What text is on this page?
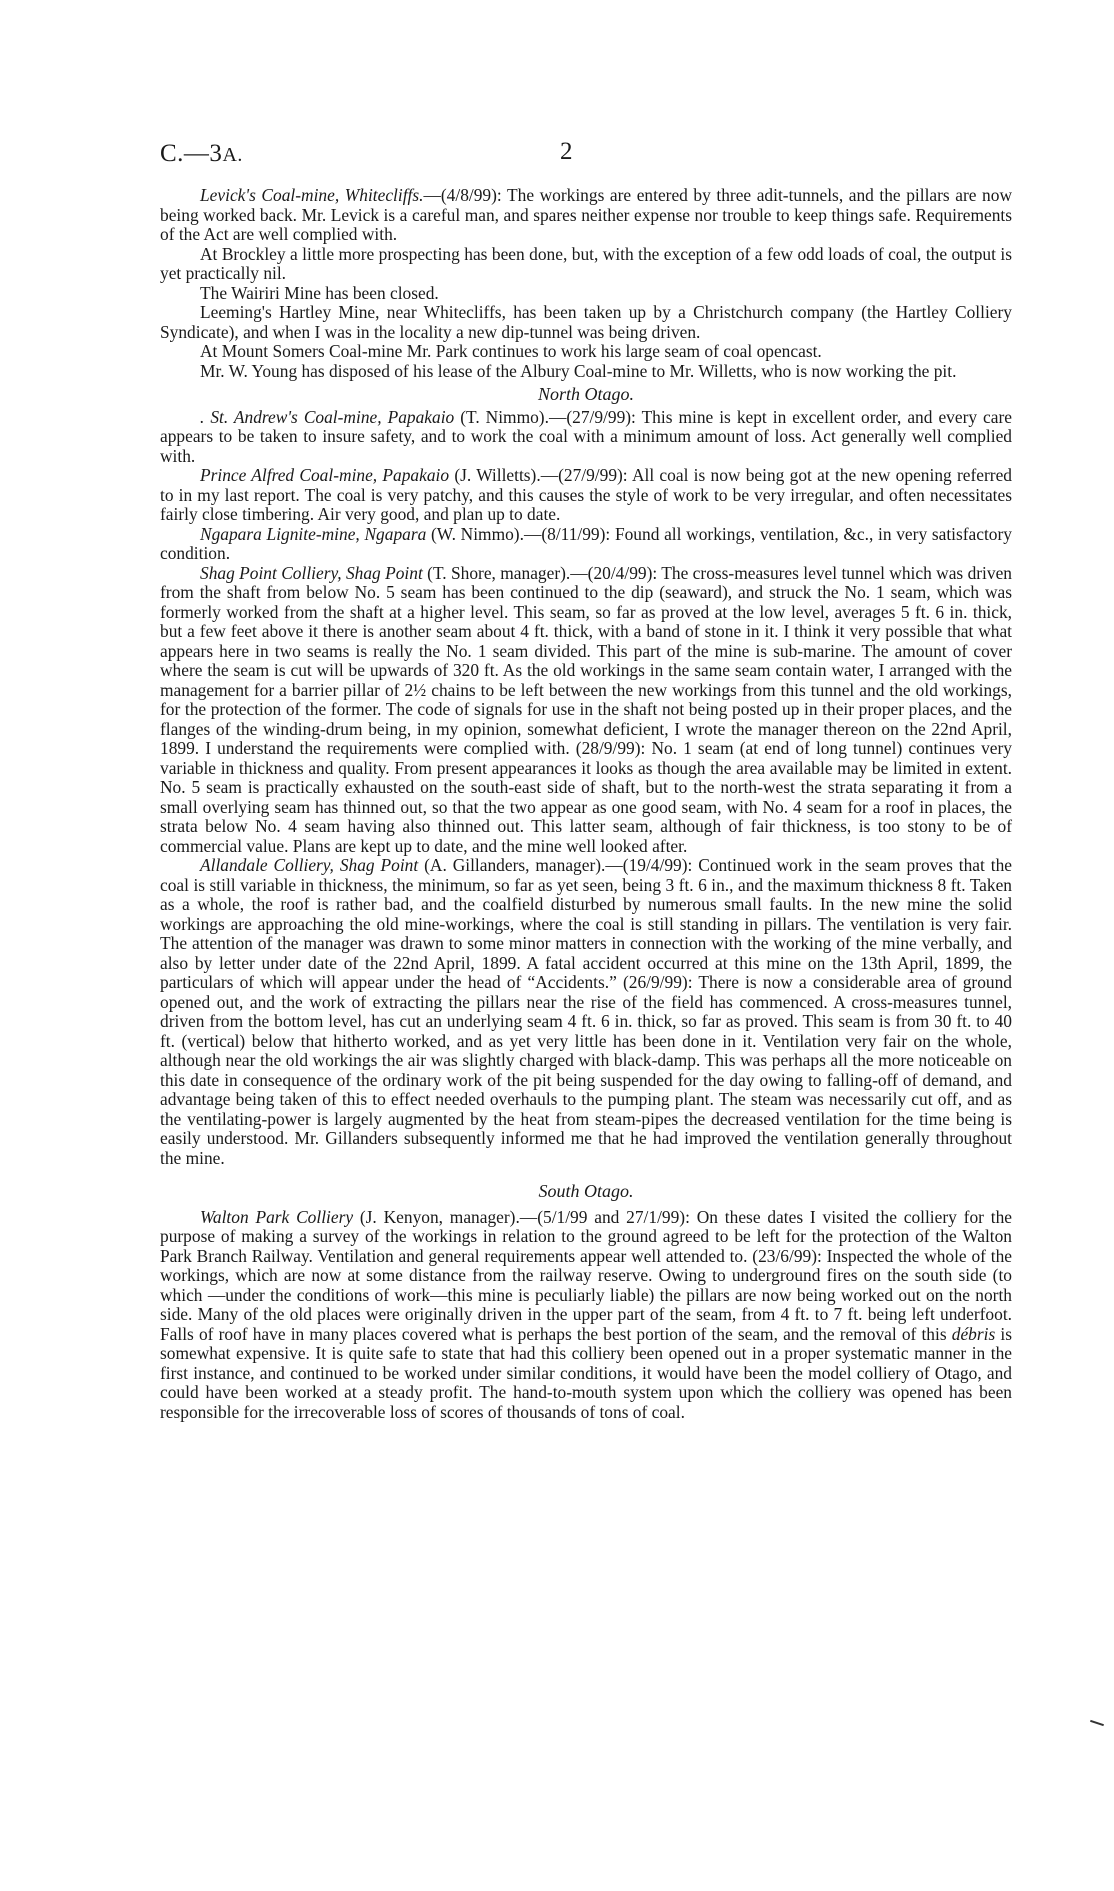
C.—3A.	2

Levick's Coal-mine, Whitecliffs.—(4/8/99): The workings are entered by three adit-tunnels, and the pillars are now being worked back. Mr. Levick is a careful man, and spares neither expense nor trouble to keep things safe. Requirements of the Act are well complied with.

At Brockley a little more prospecting has been done, but, with the exception of a few odd loads of coal, the output is yet practically nil.

The Wairiri Mine has been closed.

Leeming's Hartley Mine, near Whitecliffs, has been taken up by a Christchurch company (the Hartley Colliery Syndicate), and when I was in the locality a new dip-tunnel was being driven.

At Mount Somers Coal-mine Mr. Park continues to work his large seam of coal opencast.

Mr. W. Young has disposed of his lease of the Albury Coal-mine to Mr. Willetts, who is now working the pit.

North Otago.

. St. Andrew's Coal-mine, Papakaio (T. Nimmo).—(27/9/99): This mine is kept in excellent order, and every care appears to be taken to insure safety, and to work the coal with a minimum amount of loss. Act generally well complied with.

Prince Alfred Coal-mine, Papakaio (J. Willetts).—(27/9/99): All coal is now being got at the new opening referred to in my last report. The coal is very patchy, and this causes the style of work to be very irregular, and often necessitates fairly close timbering. Air very good, and plan up to date.

Ngapara Lignite-mine, Ngapara (W. Nimmo).—(8/11/99): Found all workings, ventilation, &c., in very satisfactory condition.

Shag Point Colliery, Shag Point (T. Shore, manager).—(20/4/99): The cross-measures level tunnel which was driven from the shaft from below No. 5 seam has been continued to the dip (seaward), and struck the No. 1 seam, which was formerly worked from the shaft at a higher level. This seam, so far as proved at the low level, averages 5 ft. 6 in. thick, but a few feet above it there is another seam about 4 ft. thick, with a band of stone in it. I think it very possible that what appears here in two seams is really the No. 1 seam divided. This part of the mine is sub-marine. The amount of cover where the seam is cut will be upwards of 320 ft. As the old workings in the same seam contain water, I arranged with the management for a barrier pillar of 2½ chains to be left between the new workings from this tunnel and the old workings, for the protection of the former. The code of signals for use in the shaft not being posted up in their proper places, and the flanges of the winding-drum being, in my opinion, somewhat deficient, I wrote the manager thereon on the 22nd April, 1899. I understand the requirements were complied with. (28/9/99): No. 1 seam (at end of long tunnel) continues very variable in thickness and quality. From present appearances it looks as though the area available may be limited in extent. No. 5 seam is practically exhausted on the south-east side of shaft, but to the north-west the strata separating it from a small overlying seam has thinned out, so that the two appear as one good seam, with No. 4 seam for a roof in places, the strata below No. 4 seam having also thinned out. This latter seam, although of fair thickness, is too stony to be of commercial value. Plans are kept up to date, and the mine well looked after.

Allandale Colliery, Shag Point (A. Gillanders, manager).—(19/4/99): Continued work in the seam proves that the coal is still variable in thickness, the minimum, so far as yet seen, being 3 ft. 6 in., and the maximum thickness 8 ft. Taken as a whole, the roof is rather bad, and the coalfield disturbed by numerous small faults. In the new mine the solid workings are approaching the old mine-workings, where the coal is still standing in pillars. The ventilation is very fair. The attention of the manager was drawn to some minor matters in connection with the working of the mine verbally, and also by letter under date of the 22nd April, 1899. A fatal accident occurred at this mine on the 13th April, 1899, the particulars of which will appear under the head of “Accidents.” (26/9/99): There is now a considerable area of ground opened out, and the work of extracting the pillars near the rise of the field has commenced. A cross-measures tunnel, driven from the bottom level, has cut an underlying seam 4 ft. 6 in. thick, so far as proved. This seam is from 30 ft. to 40 ft. (vertical) below that hitherto worked, and as yet very little has been done in it. Ventilation very fair on the whole, although near the old workings the air was slightly charged with black-damp. This was perhaps all the more noticeable on this date in consequence of the ordinary work of the pit being suspended for the day owing to falling-off of demand, and advantage being taken of this to effect needed overhauls to the pumping plant. The steam was necessarily cut off, and as the ventilating-power is largely augmented by the heat from steam-pipes the decreased ventilation for the time being is easily understood. Mr. Gillanders subsequently informed me that he had improved the ventilation generally throughout the mine.

South Otago.

Walton Park Colliery (J. Kenyon, manager).—(5/1/99 and 27/1/99): On these dates I visited the colliery for the purpose of making a survey of the workings in relation to the ground agreed to be left for the protection of the Walton Park Branch Railway. Ventilation and general requirements appear well attended to. (23/6/99): Inspected the whole of the workings, which are now at some distance from the railway reserve. Owing to underground fires on the south side (to which —under the conditions of work—this mine is peculiarly liable) the pillars are now being worked out on the north side. Many of the old places were originally driven in the upper part of the seam, from 4 ft. to 7 ft. being left underfoot. Falls of roof have in many places covered what is perhaps the best portion of the seam, and the removal of this débris is somewhat expensive. It is quite safe to state that had this colliery been opened out in a proper systematic manner in the first instance, and continued to be worked under similar conditions, it would have been the model colliery of Otago, and could have been worked at a steady profit. The hand-to-mouth system upon which the colliery was opened has been responsible for the irrecoverable loss of scores of thousands of tons of coal.
